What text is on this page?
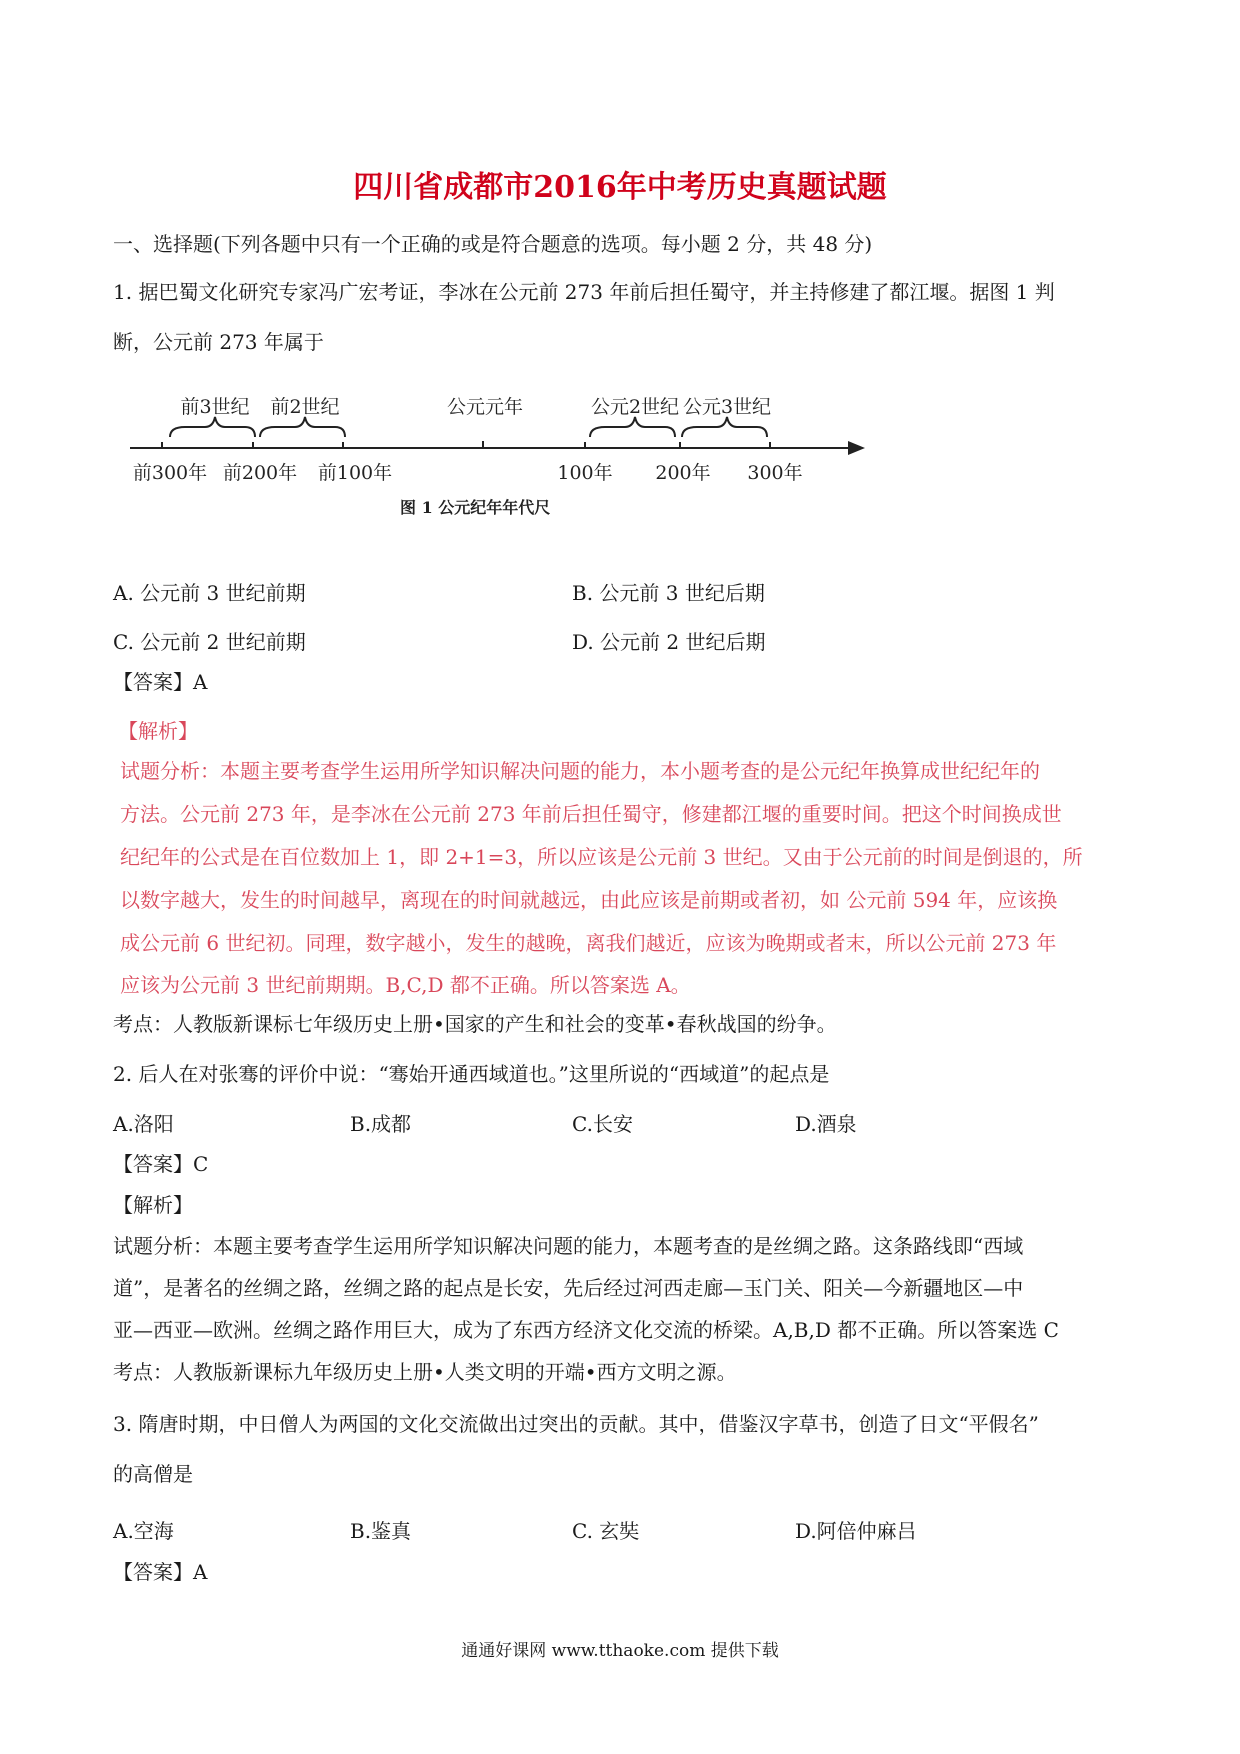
四川省成都市2016年中考历史真题试题
一、选择题(下列各题中只有一个正确的或是符合题意的选项。每小题 2 分，共 48 分)
1. 据巴蜀文化研究专家冯广宏考证，李冰在公元前 273 年前后担任蜀守，并主持修建了都江堰。据图 1 判
断，公元前 273 年属于
前3世纪 前2世纪	公元2世纪 公元3世纪
公元元年
前300年 前200年 前100年	100年 200年 300年
图 1 公元纪年年代尺
A. 公元前 3 世纪前期	B. 公元前 3 世纪后期
C. 公元前 2 世纪前期	D. 公元前 2 世纪后期
【答案】A
【解析】
试题分析：本题主要考查学生运用所学知识解决问题的能力，本小题考查的是公元纪年换算成世纪纪年的
方法。公元前 273 年，是李冰在公元前 273 年前后担任蜀守，修建都江堰的重要时间。把这个时间换成世
纪纪年的公式是在百位数加上 1，即 2+1=3，所以应该是公元前 3 世纪。又由于公元前的时间是倒退的，所
以数字越大，发生的时间越早，离现在的时间就越远，由此应该是前期或者初，如 公元前 594 年，应该换
成公元前 6 世纪初。同理，数字越小，发生的越晚，离我们越近，应该为晚期或者末，所以公元前 273 年
应该为公元前 3 世纪前期期。B,C,D 都不正确。所以答案选 A。
考点：人教版新课标七年级历史上册•国家的产生和社会的变革•春秋战国的纷争。
2. 后人在对张骞的评价中说：“骞始开通西域道也。”这里所说的“西域道”的起点是
A.洛阳	B.成都	C.长安	D.酒泉
【答案】C
【解析】
试题分析：本题主要考查学生运用所学知识解决问题的能力，本题考查的是丝绸之路。这条路线即“西域
道”，是著名的丝绸之路，丝绸之路的起点是长安，先后经过河西走廊—玉门关、阳关—今新疆地区—中
亚—西亚—欧洲。丝绸之路作用巨大，成为了东西方经济文化交流的桥梁。A,B,D 都不正确。所以答案选 C
考点：人教版新课标九年级历史上册•人类文明的开端•西方文明之源。
3. 隋唐时期，中日僧人为两国的文化交流做出过突出的贡献。其中，借鉴汉字草书，创造了日文“平假名”
的高僧是
A.空海	B.鉴真	C. 玄奘	D.阿倍仲麻吕
【答案】A
通通好课网 www.tthaoke.com 提供下载
